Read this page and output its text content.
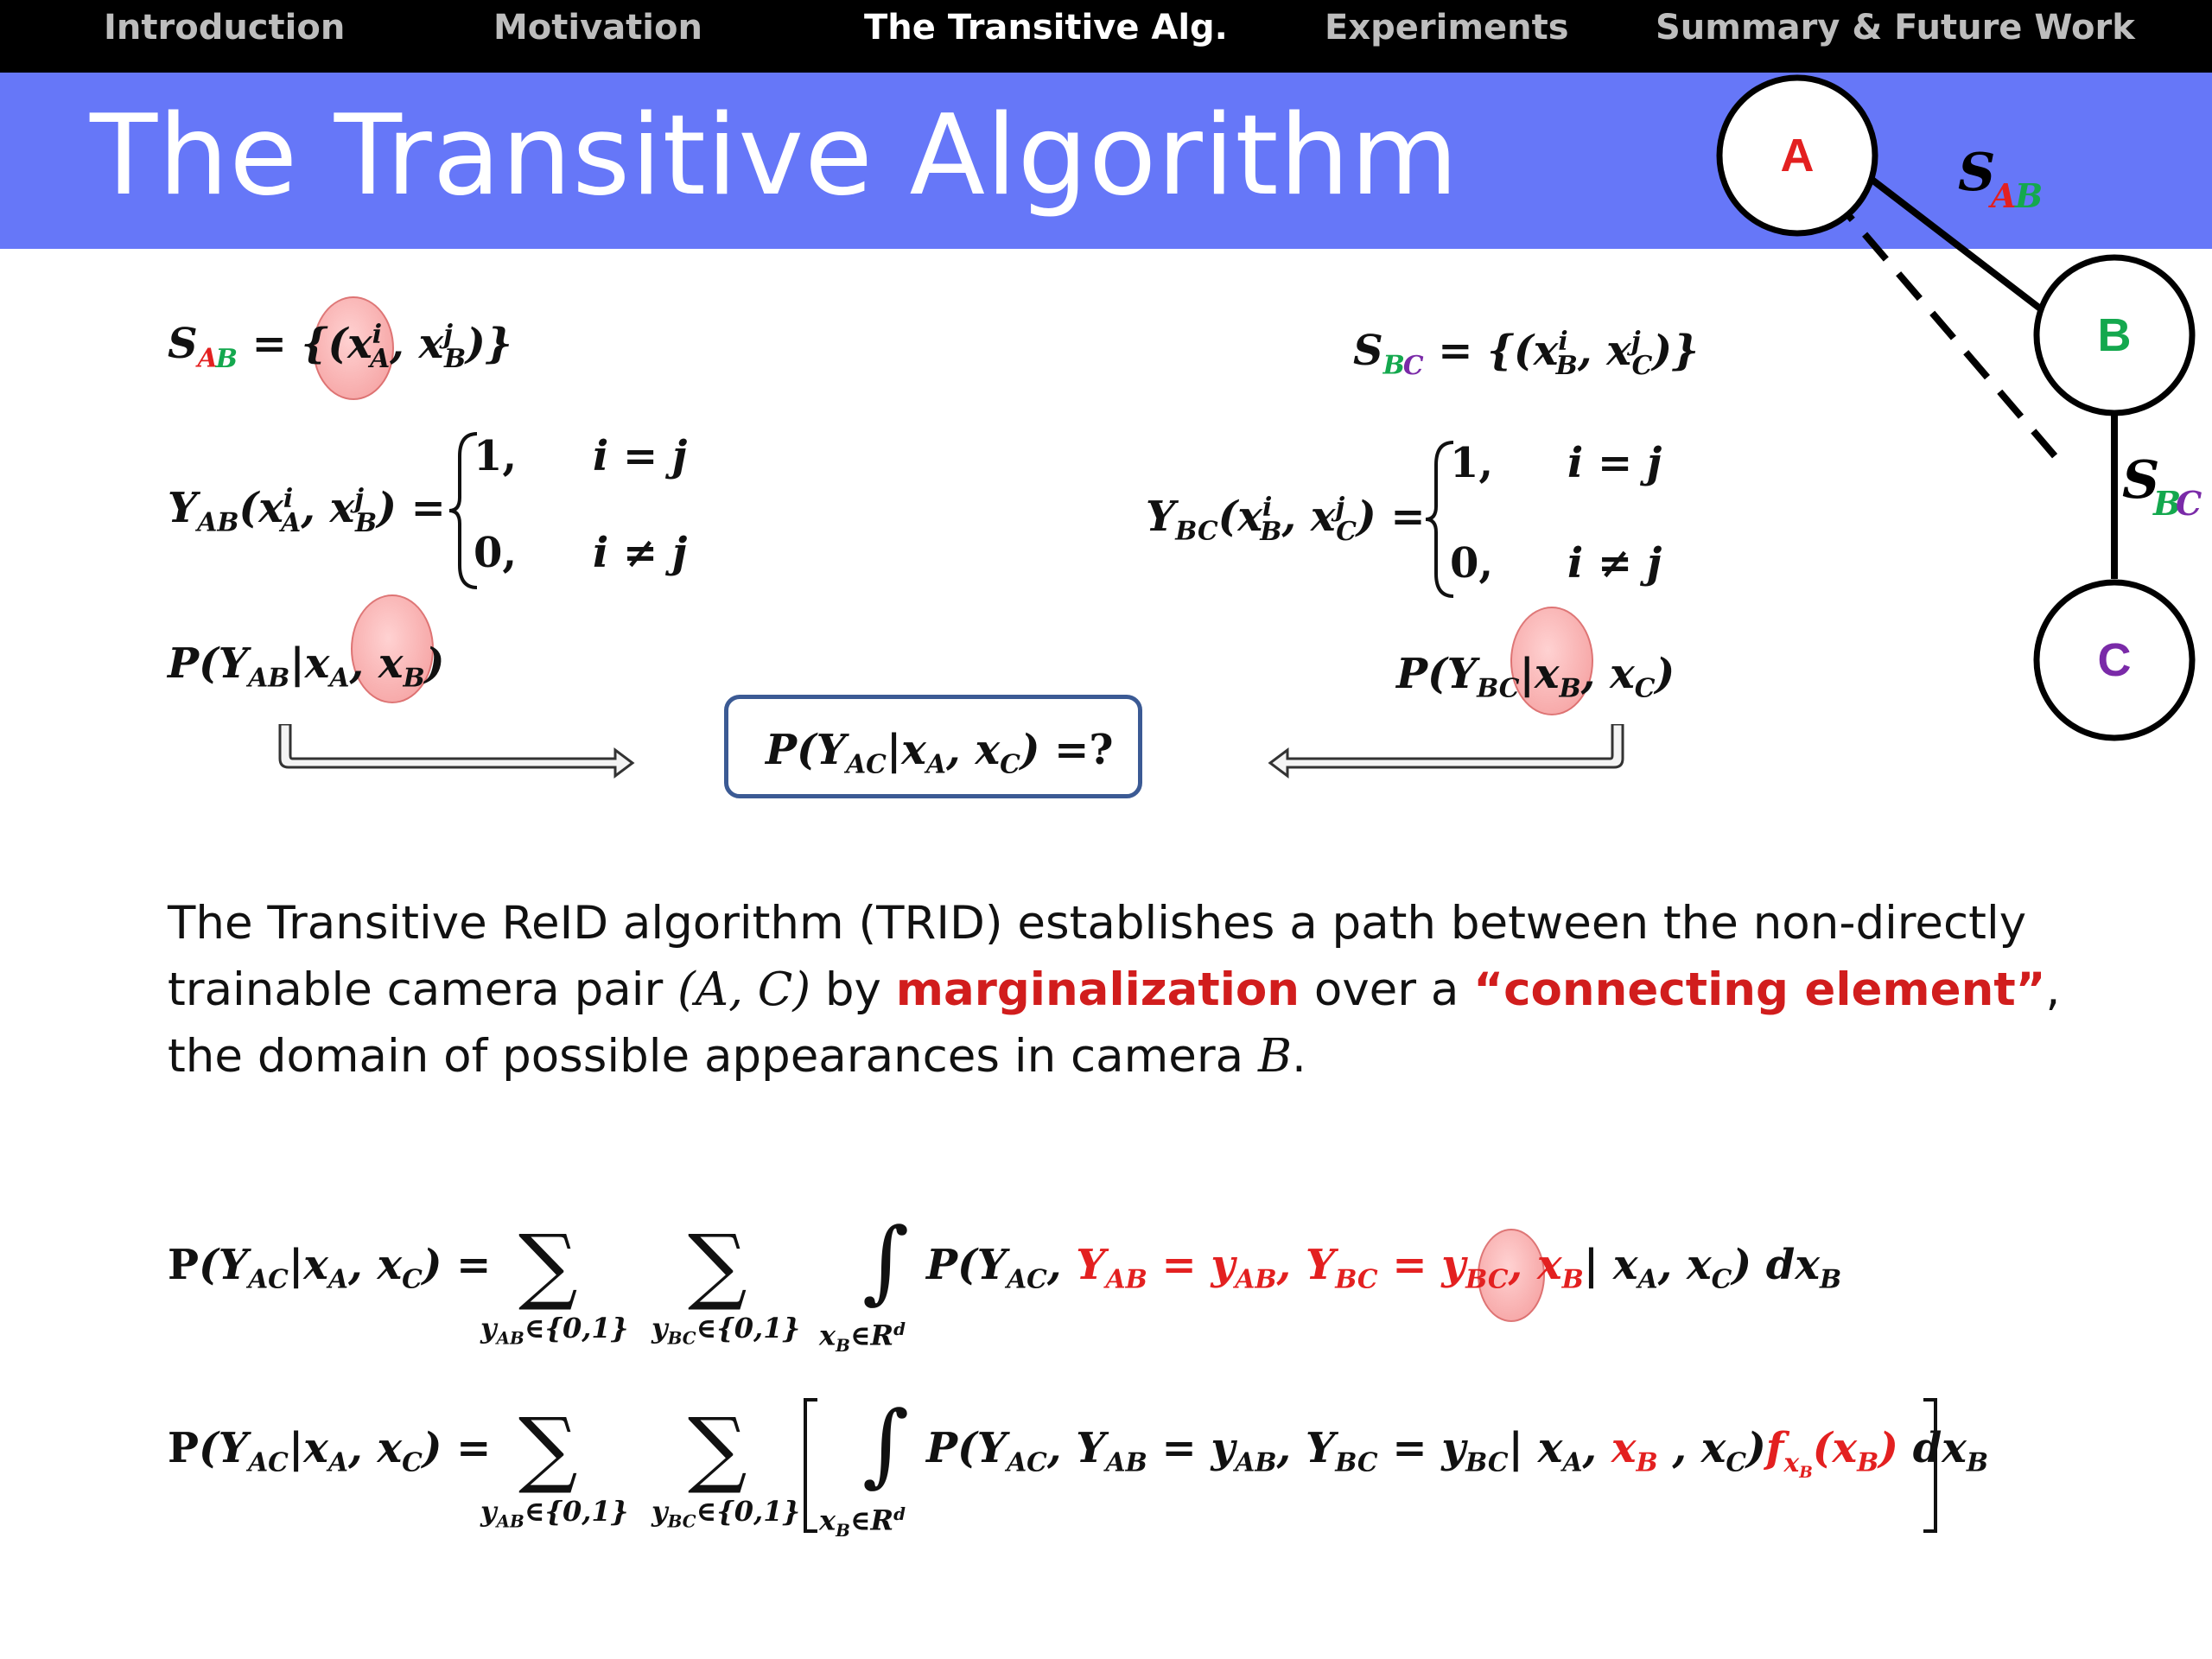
Introduction	Motivation	The Transitive Alg.	Experiments	Summary & Future Work
The Transitive Algorithm	A
B
C
S
A
B
S
B
C
$S_{AB} = \{(x^i_A$, $x^j_B$)}
$Y_{AB}(x^i_A$, $x^j_B$) =
1, i = j
0, i ≠ j
$P(Y_{AB}|x_A$, $x_B$)
$S_{BC} = \{(x^i_B$, $x^j_C$)}
$Y_{BC}(x^i_B$, $x^j_C$) =
1, i = j
0, i ≠ j
$P(Y_{BC}|x_B$, $x_C$)
$P(Y_{AC}|x_A$, $x_C$) =?
The Transitive ReID algorithm (TRID) establishes a path between the non-directly trainable camera pair (A, C) by marginalization over a “connecting element”, the domain of possible appearances in camera B.
$P(Y_{AC}|x_A$, $x_C$) = ∑
$y_{AB}\in\{0,1\}$
∑
$y_{BC}\in\{0,1\}$
∫
$x_B\in R^d$
$P(Y_{AC}$, $Y_{AB} = y_{AB}$, $Y_{BC} = y_{BC}$, $x_B|$ $x_A$, $x_C$) $dx_B$
$P(Y_{AC}|x_A$, $x_C$) = ∑
$y_{AB}\in\{0,1\}$
∑
$y_{BC}\in\{0,1\}$
∫
$x_B\in R^d$
$P(Y_{AC}$, $Y_{AB} = y_{AB}$, $Y_{BC} = y_{BC}|$ $x_A$, $x_B$ , $x_C)f_{x_B}(x_B)$ $dx_B$
